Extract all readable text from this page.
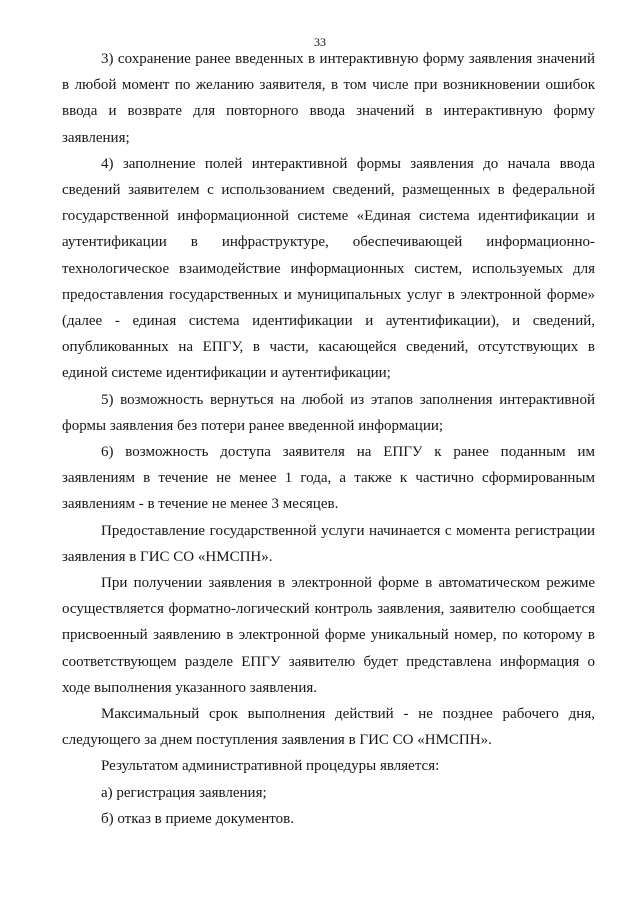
33

3) сохранение ранее введенных в интерактивную форму заявления значений в любой момент по желанию заявителя, в том числе при возникновении ошибок ввода и возврате для повторного ввода значений в интерактивную форму заявления;

4) заполнение полей интерактивной формы заявления до начала ввода сведений заявителем с использованием сведений, размещенных в федеральной государственной информационной системе «Единая система идентификации и аутентификации в инфраструктуре, обеспечивающей информационно-технологическое взаимодействие информационных систем, используемых для предоставления государственных и муниципальных услуг в электронной форме» (далее - единая система идентификации и аутентификации), и сведений, опубликованных на ЕПГУ, в части, касающейся сведений, отсутствующих в единой системе идентификации и аутентификации;

5) возможность вернуться на любой из этапов заполнения интерактивной формы заявления без потери ранее введенной информации;

6) возможность доступа заявителя на ЕПГУ к ранее поданным им заявлениям в течение не менее 1 года, а также к частично сформированным заявлениям - в течение не менее 3 месяцев.

Предоставление государственной услуги начинается с момента регистрации заявления в ГИС СО «НМСПН».

При получении заявления в электронной форме в автоматическом режиме осуществляется форматно-логический контроль заявления, заявителю сообщается присвоенный заявлению в электронной форме уникальный номер, по которому в соответствующем разделе ЕПГУ заявителю будет представлена информация о ходе выполнения указанного заявления.

Максимальный срок выполнения действий - не позднее рабочего дня, следующего за днем поступления заявления в ГИС СО «НМСПН».

Результатом административной процедуры является:

а) регистрация заявления;

б) отказ в приеме документов.
